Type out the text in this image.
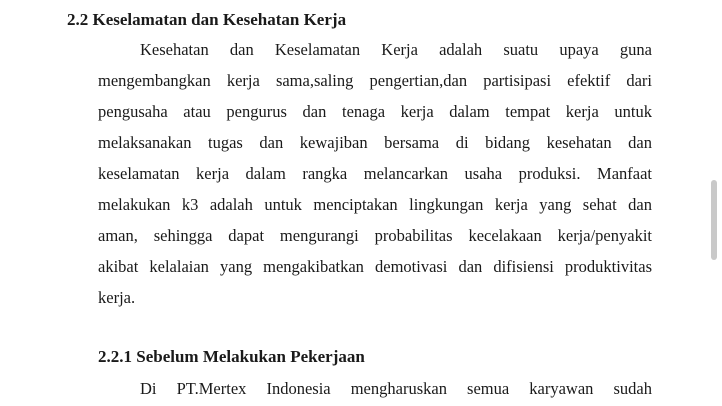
2.2 Keselamatan dan Kesehatan Kerja
Kesehatan dan Keselamatan Kerja adalah suatu upaya guna
mengembangkan kerja sama,saling pengertian,dan partisipasi efektif dari
pengusaha atau pengurus dan tenaga kerja dalam tempat kerja untuk
melaksanakan tugas dan kewajiban bersama di bidang kesehatan dan
keselamatan kerja dalam rangka melancarkan usaha produksi. Manfaat
melakukan k3 adalah untuk menciptakan lingkungan kerja yang sehat dan
aman, sehingga dapat mengurangi probabilitas kecelakaan kerja/penyakit
akibat kelalaian yang mengakibatkan demotivasi dan difisiensi produktivitas
kerja.
2.2.1 Sebelum Melakukan Pekerjaan
Di PT.Mertex Indonesia mengharuskan semua karyawan sudah
